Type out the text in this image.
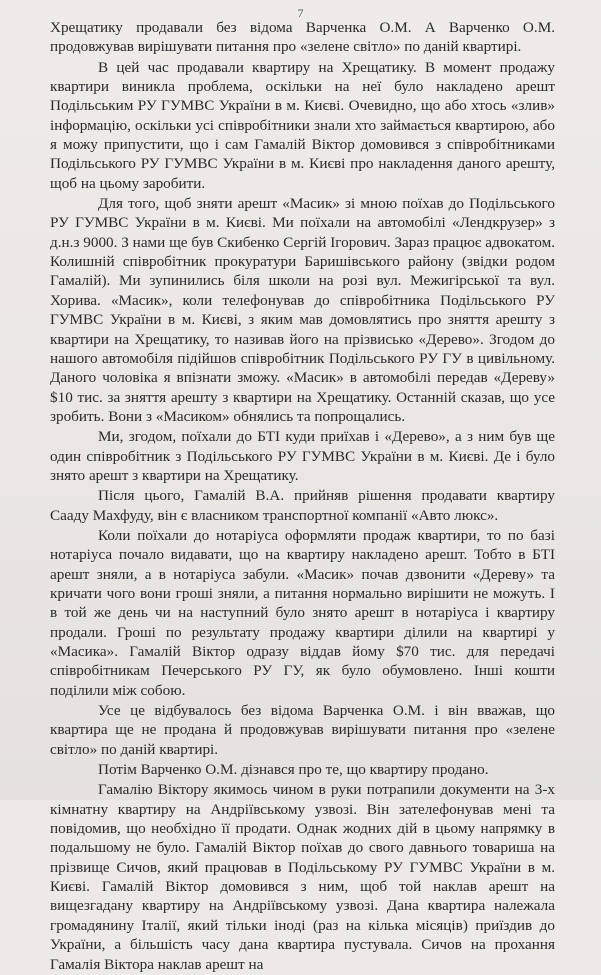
7

Хрещатику продавали без відома Варченка О.М. А Варченко О.М. продовжував вирішувати питання про «зелене світло» по даній квартирі.

В цей час продавали квартиру на Хрещатику. В момент продажу квартири виникла проблема, оскільки на неї було накладено арешт Подільським РУ ГУМВС України в м. Києві. Очевидно, що або хтось «злив» інформацію, оскільки усі співробітники знали хто займається квартирою, або я можу припустити, що і сам Гамалій Віктор домовився з співробітниками Подільського РУ ГУМВС України в м. Києві про накладення даного арешту, щоб на цьому заробити.

Для того, щоб зняти арешт «Масик» зі мною поїхав до Подільського РУ ГУМВС України в м. Києві. Ми поїхали на автомобілі «Лендкрузер» з д.н.з 9000. З нами ще був Скибенко Сергій Ігорович. Зараз працює адвокатом. Колишній співробітник прокуратури Баришівського району (звідки родом Гамалій). Ми зупинились біля школи на розі вул. Межигірської та вул. Хорива. «Масик», коли телефонував до співробітника Подільського РУ ГУМВС України в м. Києві, з яким мав домовлятись про зняття арешту з квартири на Хрещатику, то називав його на прізвисько «Дерево». Згодом до нашого автомобіля підійшов співробітник Подільського РУ ГУ в цивільному. Даного чоловіка я впізнати зможу. «Масик» в автомобілі передав «Дереву» $10 тис. за зняття арешту з квартири на Хрещатику. Останній сказав, що усе зробить. Вони з «Масиком» обнялись та попрощались.

Ми, згодом, поїхали до БТІ куди приїхав і «Дерево», а з ним був ще один співробітник з Подільського РУ ГУМВС України в м. Києві. Де і було знято арешт з квартири на Хрещатику.

Після цього, Гамалій В.А. прийняв рішення продавати квартиру Сааду Махфуду, він є власником транспортної компанії «Авто люкс».

Коли поїхали до нотаріуса оформляти продаж квартири, то по базі нотаріуса почало видавати, що на квартиру накладено арешт. Тобто в БТІ арешт зняли, а в нотаріуса забули. «Масик» почав дзвонити «Дереву» та кричати чого вони гроші зняли, а питання нормально вирішити не можуть. І в той же день чи на наступний було знято арешт в нотаріуса і квартиру продали. Гроші по результату продажу квартири ділили на квартирі у «Масика». Гамалій Віктор одразу віддав йому $70 тис. для передачі співробітникам Печерського РУ ГУ, як було обумовлено. Інші кошти поділили між собою.

Усе це відбувалось без відома Варченка О.М. і він вважав, що квартира ще не продана й продовжував вирішувати питання про «зелене світло» по даній квартирі.

Потім Варченко О.М. дізнався про те, що квартиру продано.

Гамалію Віктору якимось чином в руки потрапили документи на 3-х кімнатну квартиру на Андріївському узвозі. Він зателефонував мені та повідомив, що необхідно її продати. Однак жодних дій в цьому напрямку в подальшому не було. Гамалій Віктор поїхав до свого давнього товариша на прізвище Сичов, який працював в Подільському РУ ГУМВС України в м. Києві. Гамалій Віктор домовився з ним, щоб той наклав арешт на вищезгадану квартиру на Андріївському узвозі. Дана квартира належала громадянину Італії, який тільки іноді (раз на кілька місяців) приїздив до України, а більшість часу дана квартира пустувала. Сичов на прохання Гамалія Віктора наклав арешт на
